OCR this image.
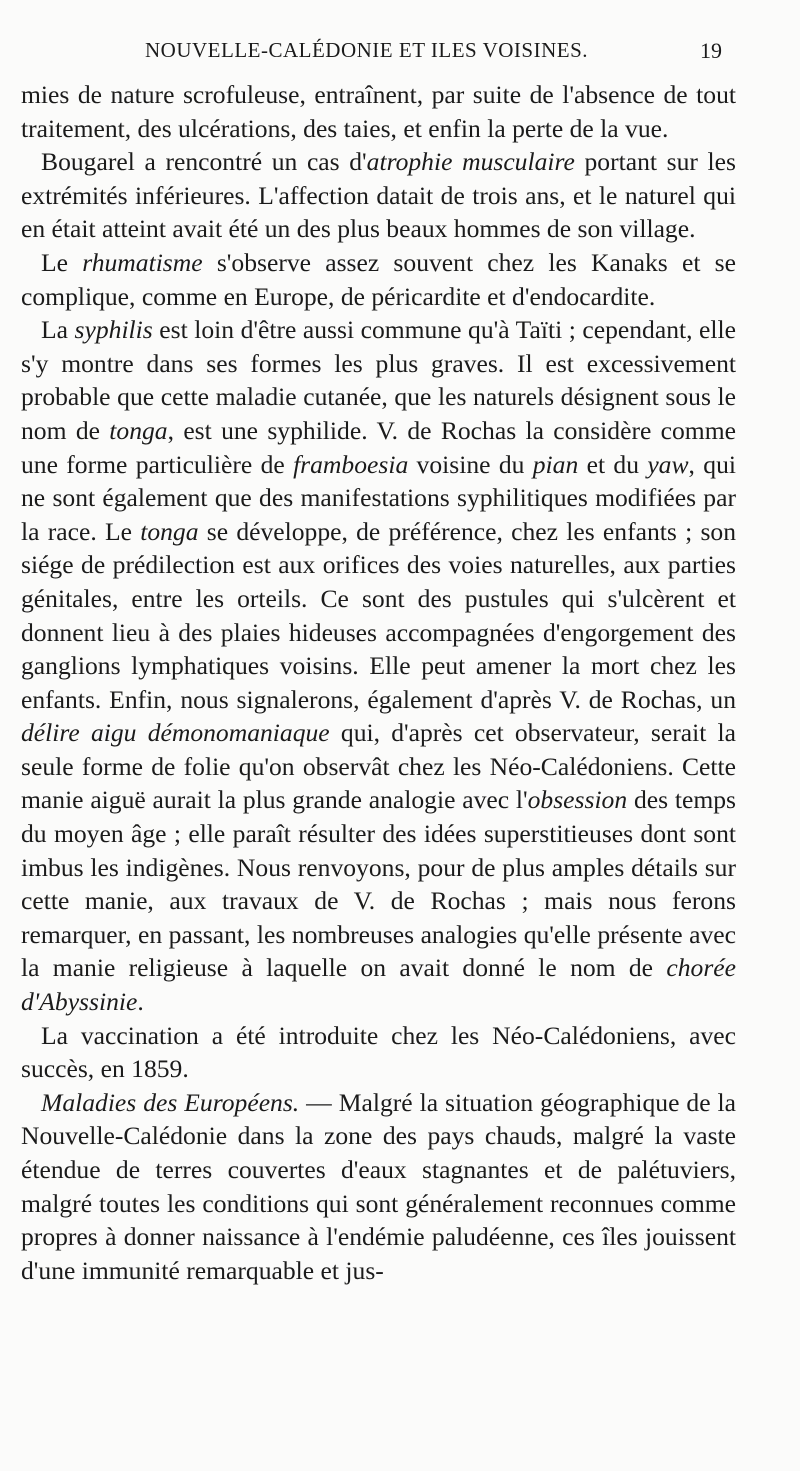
NOUVELLE-CALÉDONIE ET ILES VOISINES.	19

mies de nature scrofuleuse, entraînent, par suite de l'absence de tout traitement, des ulcérations, des taies, et enfin la perte de la vue.

Bougarel a rencontré un cas d'atrophie musculaire portant sur les extrémités inférieures. L'affection datait de trois ans, et le naturel qui en était atteint avait été un des plus beaux hommes de son village.

Le rhumatisme s'observe assez souvent chez les Kanaks et se complique, comme en Europe, de péricardite et d'endocardite.

La syphilis est loin d'être aussi commune qu'à Taïti ; cependant, elle s'y montre dans ses formes les plus graves. Il est excessivement probable que cette maladie cutanée, que les naturels désignent sous le nom de tonga, est une syphilide. V. de Rochas la considère comme une forme particulière de framboesia voisine du pian et du yaw, qui ne sont également que des manifestations syphilitiques modifiées par la race. Le tonga se développe, de préférence, chez les enfants ; son siége de prédilection est aux orifices des voies naturelles, aux parties génitales, entre les orteils. Ce sont des pustules qui s'ulcèrent et donnent lieu à des plaies hideuses accompagnées d'engorgement des ganglions lymphatiques voisins. Elle peut amener la mort chez les enfants. Enfin, nous signalerons, également d'après V. de Rochas, un délire aigu démonomaniaque qui, d'après cet observateur, serait la seule forme de folie qu'on observât chez les Néo-Calédoniens. Cette manie aiguë aurait la plus grande analogie avec l'obsession des temps du moyen âge ; elle paraît résulter des idées superstitieuses dont sont imbus les indigènes. Nous renvoyons, pour de plus amples détails sur cette manie, aux travaux de V. de Rochas ; mais nous ferons remarquer, en passant, les nombreuses analogies qu'elle présente avec la manie religieuse à laquelle on avait donné le nom de chorée d'Abyssinie.

La vaccination a été introduite chez les Néo-Calédoniens, avec succès, en 1859.

Maladies des Européens. — Malgré la situation géographique de la Nouvelle-Calédonie dans la zone des pays chauds, malgré la vaste étendue de terres couvertes d'eaux stagnantes et de palétuviers, malgré toutes les conditions qui sont généralement reconnues comme propres à donner naissance à l'endémie paludéenne, ces îles jouissent d'une immunité remarquable et jus-
